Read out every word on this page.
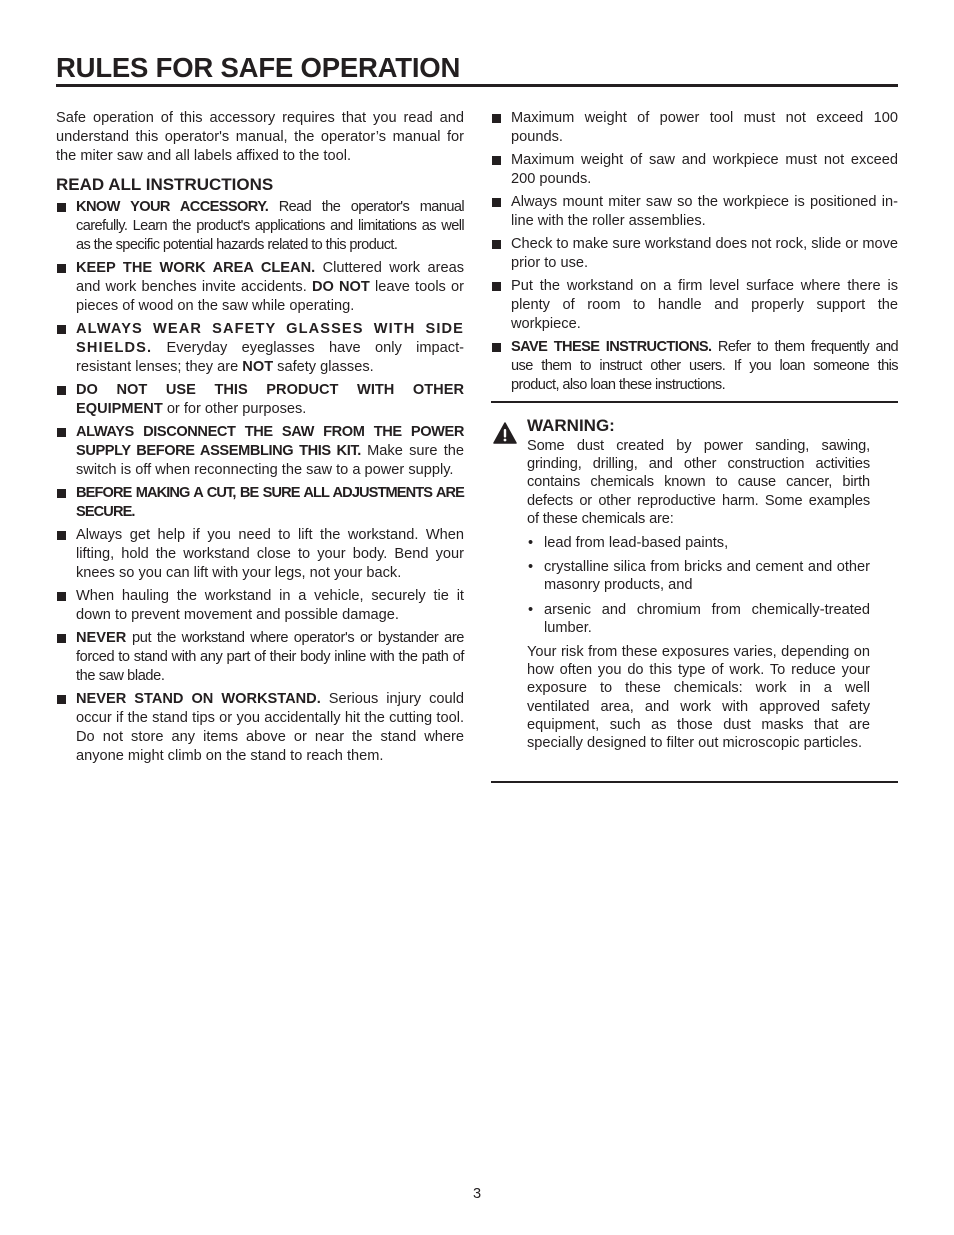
RULES FOR SAFE OPERATION

Safe operation of this accessory requires that you read and understand this operator's manual, the operator’s manual for the miter saw and all labels affixed to the tool.

READ ALL INSTRUCTIONS
KNOW YOUR ACCESSORY. Read the operator's manual carefully. Learn the product's applications and limitations as well as the specific potential hazards related to this product.
KEEP THE WORK AREA CLEAN. Cluttered work areas and work benches invite accidents. DO NOT leave tools or pieces of wood on the saw while operating.
ALWAYS WEAR SAFETY GLASSES WITH SIDE SHIELDS. Everyday eyeglasses have only impact-resistant lenses; they are NOT safety glasses.
DO NOT USE THIS PRODUCT WITH OTHER EQUIPMENT or for other purposes.
ALWAYS DISCONNECT THE SAW FROM THE POWER SUPPLY BEFORE ASSEMBLING THIS KIT. Make sure the switch is off when reconnecting the saw to a power supply.
BEFORE MAKING A CUT, BE SURE ALL ADJUSTMENTS ARE SECURE.
Always get help if you need to lift the workstand. When lifting, hold the workstand close to your body. Bend your knees so you can lift with your legs, not your back.
When hauling the workstand in a vehicle, securely tie it down to prevent movement and possible damage.
NEVER put the workstand where operator's or bystander are forced to stand with any part of their body inline with the path of the saw blade.
NEVER STAND ON WORKSTAND. Serious injury could occur if the stand tips or you accidentally hit the cutting tool. Do not store any items above or near the stand where anyone might climb on the stand to reach them.
Maximum weight of power tool must not exceed 100 pounds.
Maximum weight of saw and workpiece must not exceed 200 pounds.
Always mount miter saw so the workpiece is positioned in-line with the roller assemblies.
Check to make sure workstand does not rock, slide or move prior to use.
Put the workstand on a firm level surface where there is plenty of room to handle and properly support the workpiece.
SAVE THESE INSTRUCTIONS. Refer to them frequently and use them to instruct other users. If you loan someone this product, also loan these instructions.
WARNING:

Some dust created by power sanding, sawing, grinding, drilling, and other construction activities contains chemicals known to cause cancer, birth defects or other reproductive harm. Some examples of these chemicals are:

• lead from lead-based paints,
• crystalline silica from bricks and cement and other masonry products, and
• arsenic and chromium from chemically-treated lumber.

Your risk from these exposures varies, depending on how often you do this type of work. To reduce your exposure to these chemicals: work in a well ventilated area, and work with approved safety equipment, such as those dust masks that are specially designed to filter out microscopic particles.

3
